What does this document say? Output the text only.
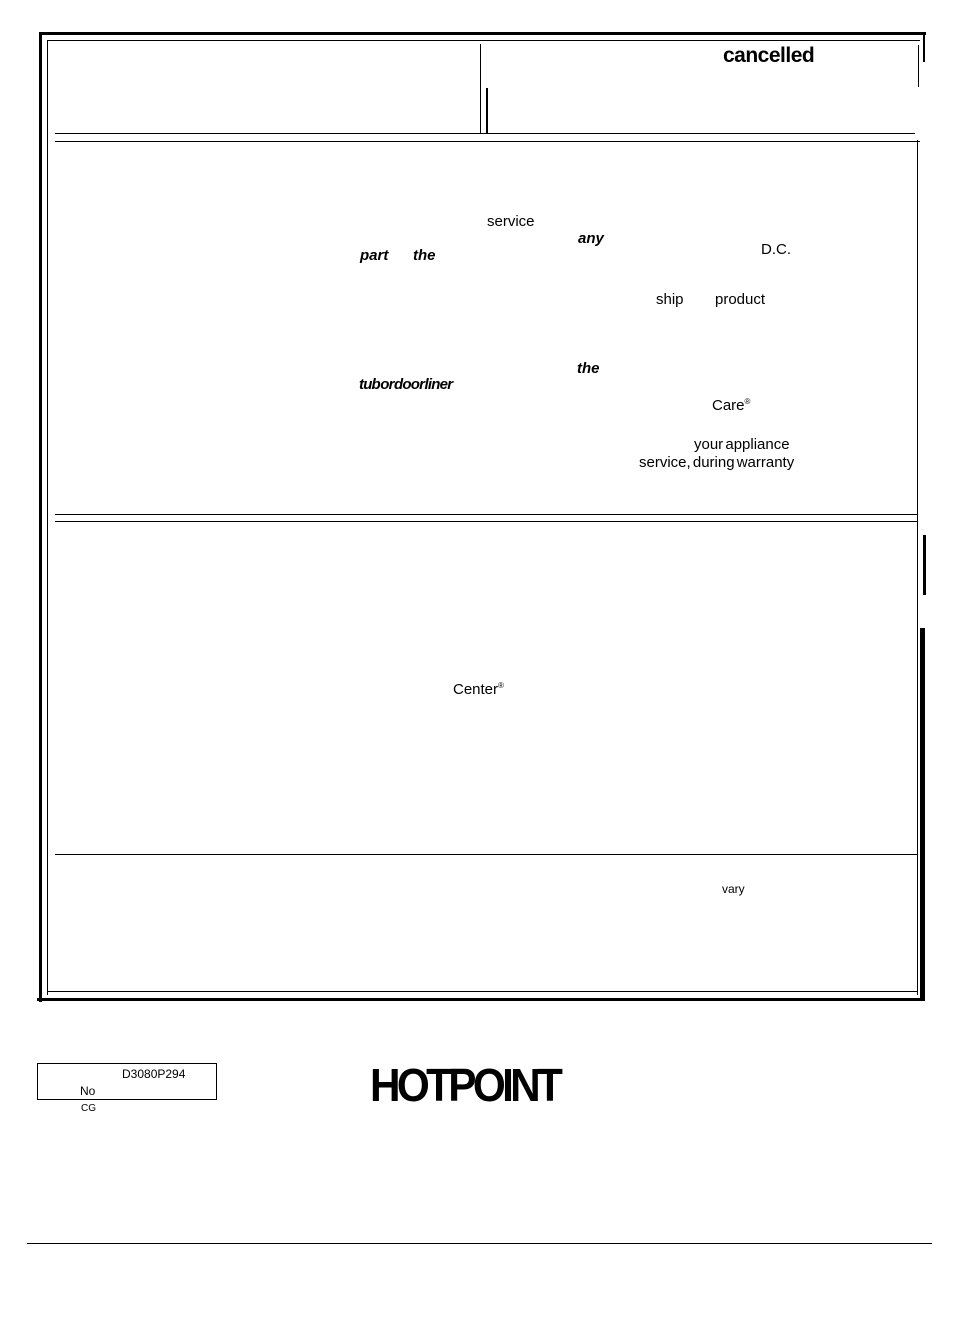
cancelled
service
any
part the	D.C.
ship product
the
tub or door liner
Care®
your appliance
service, during warranty
Center®
vary
D3080P294
No
CG	HOTPOINT
